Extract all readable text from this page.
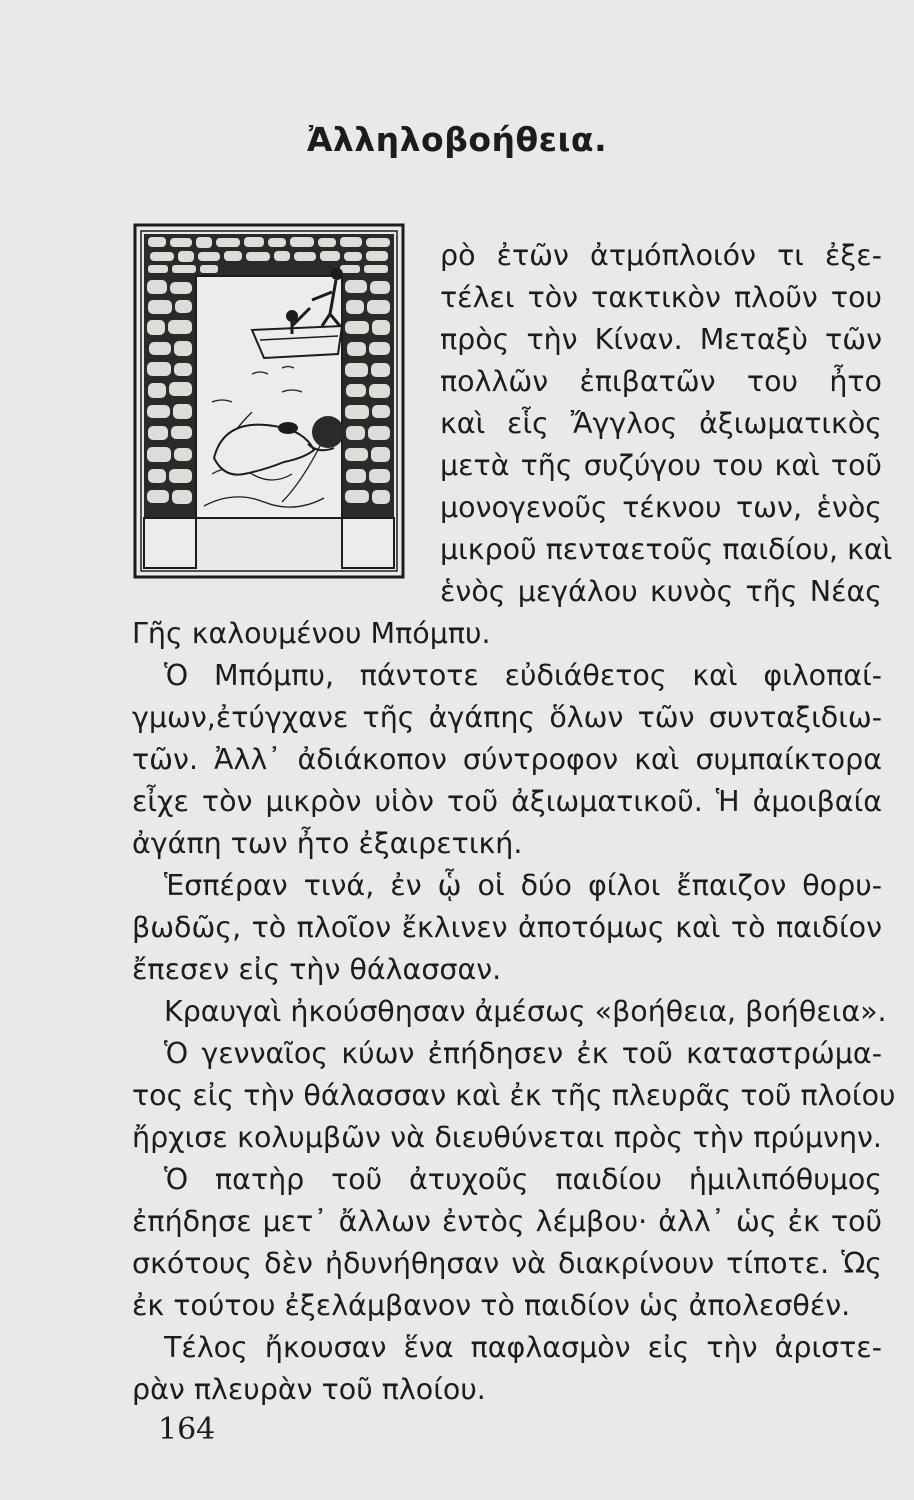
Ἀλληλοβοήθεια.
ρὸ ἐτῶν ἀτμόπλοιόν τι ἐξε-
τέλει τὸν τακτικὸν πλοῦν του
πρὸς τὴν Κίναν. Μεταξὺ τῶν
πολλῶν ἐπιβατῶν του ἦτο
καὶ εἷς Ἄγγλος ἀξιωματικὸς
μετὰ τῆς συζύγου του καὶ τοῦ
μονογενοῦς τέκνου των, ἑνὸς
μικροῦ πενταετοῦς παιδίου, καὶ
ἑνὸς μεγάλου κυνὸς τῆς Νέας
Γῆς καλουμένου Μπόμπυ.
Ὁ Μπόμπυ, πάντοτε εὐδιάθετος καὶ φιλοπαί-
γμων,ἐτύγχανε τῆς ἀγάπης ὅλων τῶν συνταξιδιω-
τῶν. Ἀλλ᾿ ἀδιάκοπον σύντροφον καὶ συμπαίκτορα
εἶχε τὸν μικρὸν υἱὸν τοῦ ἀξιωματικοῦ. Ἡ ἀμοιβαία
ἀγάπη των ἦτο ἐξαιρετική.
Ἑσπέραν τινά, ἐν ᾧ οἱ δύο φίλοι ἔπαιζον θορυ-
βωδῶς, τὸ πλοῖον ἔκλινεν ἀποτόμως καὶ τὸ παιδίον
ἔπεσεν εἰς τὴν θάλασσαν.
Κραυγαὶ ἠκούσθησαν ἀμέσως «βοήθεια, βοήθεια».
Ὁ γενναῖος κύων ἐπήδησεν ἐκ τοῦ καταστρώμα-
τος εἰς τὴν θάλασσαν καὶ ἐκ τῆς πλευρᾶς τοῦ πλοίου
ἤρχισε κολυμβῶν νὰ διευθύνεται πρὸς τὴν πρύμνην.
Ὁ πατὴρ τοῦ ἀτυχοῦς παιδίου ἡμιλιπόθυμος
ἐπήδησε μετ᾿ ἄλλων ἐντὸς λέμβου· ἀλλ᾿ ὡς ἐκ τοῦ
σκότους δὲν ἠδυνήθησαν νὰ διακρίνουν τίποτε. Ὡς
ἐκ τούτου ἐξελάμβανον τὸ παιδίον ὡς ἀπολεσθέν.
Τέλος ἤκουσαν ἕνα παφλασμὸν εἰς τὴν ἀριστε-
ρὰν πλευρὰν τοῦ πλοίου.
164
